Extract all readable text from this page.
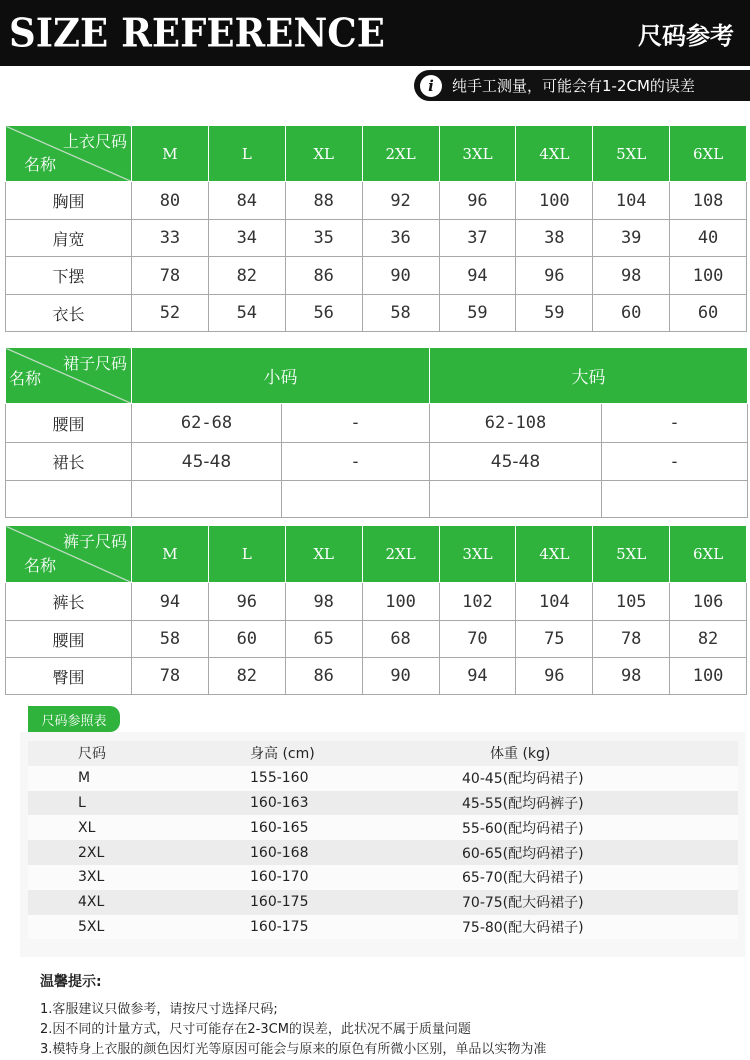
SIZE REFERENCE	尺码参考
i	纯手工测量，可能会有1-2CM的误差
上衣尺码
名称	M	L	XL	2XL	3XL	4XL	5XL	6XL
胸围	80	84	88	92	96	100	104	108
肩宽	33	34	35	36	37	38	39	40
下摆	78	82	86	90	94	96	98	100
衣长	52	54	56	58	59	59	60	60
裙子尺码
名称	小码		大码	
腰围	62-68	-	62-108	-
裙长	45-48	-	45-48	-

裤子尺码
名称	M	L	XL	2XL	3XL	4XL	5XL	6XL
裤长	94	96	98	100	102	104	105	106
腰围	58	60	65	68	70	75	78	82
臀围	78	82	86	90	94	96	98	100
尺码参照表
尺码	身高 (cm)	体重 (kg)
M	155-160	40-45(配均码裙子)
L	160-163	45-55(配均码裤子)
XL	160-165	55-60(配均码裙子)
2XL	160-168	60-65(配均码裙子)
3XL	160-170	65-70(配大码裙子)
4XL	160-175	70-75(配大码裙子)
5XL	160-175	75-80(配大码裙子)
温馨提示:
1.客服建议只做参考，请按尺寸选择尺码;
2.因不同的计量方式，尺寸可能存在2-3CM的误差，此状况不属于质量问题
3.模特身上衣服的颜色因灯光等原因可能会与原来的原色有所微小区别，单品以实物为准
